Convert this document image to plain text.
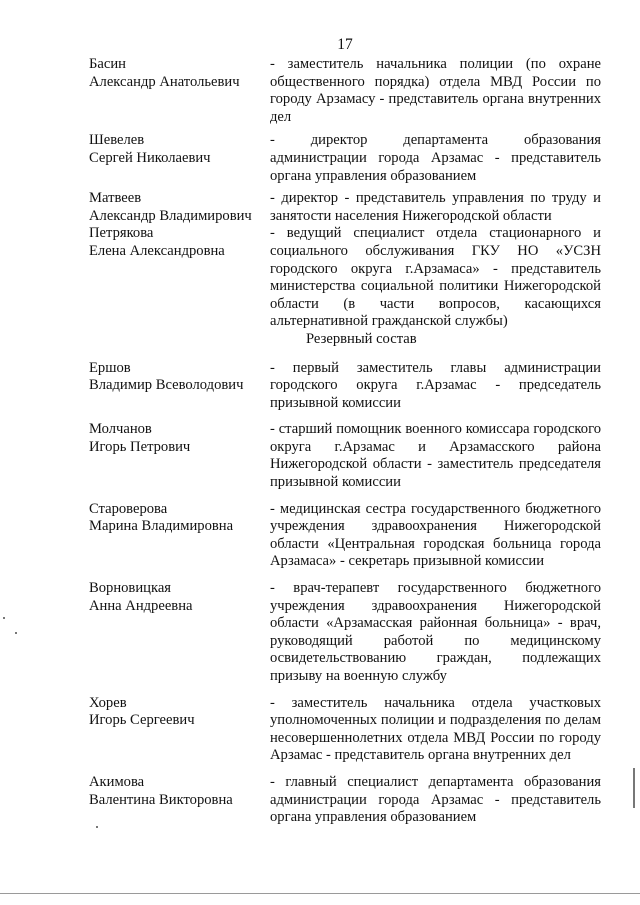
17
Басин
Александр Анатольевич
- заместитель начальника полиции (по охране общественного порядка) отдела МВД России по городу Арзамасу - представитель органа внутренних дел
Шевелев
Сергей Николаевич
- директор департамента образования администрации города Арзамас - представитель органа управления образованием
Матвеев
Александр Владимирович
- директор - представитель управления по труду и занятости населения Нижегородской области
Петрякова
Елена Александровна
- ведущий специалист отдела стационарного и социального обслуживания ГКУ НО «УСЗН городского округа г.Арзамаса» - представитель министерства социальной политики Нижегородской области (в части вопросов, касающихся альтернативной гражданской службы)
Резервный состав
Ершов
Владимир Всеволодович
- первый заместитель главы администрации городского округа г.Арзамас - председатель призывной комиссии
Молчанов
Игорь Петрович
- старший помощник военного комиссара городского округа г.Арзамас и Арзамасского района Нижегородской области - заместитель председателя призывной комиссии
Староверова
Марина Владимировна
- медицинская сестра государственного бюджетного учреждения здравоохранения Нижегородской области «Центральная городская больница города Арзамаса» - секретарь призывной комиссии
Ворновицкая
Анна Андреевна
- врач-терапевт государственного бюджетного учреждения здравоохранения Нижегородской области «Арзамасская районная больница» - врач, руководящий работой по медицинскому освидетельствованию граждан, подлежащих призыву на военную службу
Хорев
Игорь Сергеевич
- заместитель начальника отдела участковых уполномоченных полиции и подразделения по делам несовершеннолетних отдела МВД России по городу Арзамас - представитель органа внутренних дел
Акимова
Валентина Викторовна
- главный специалист департамента образования администрации города Арзамас - представитель органа управления образованием
